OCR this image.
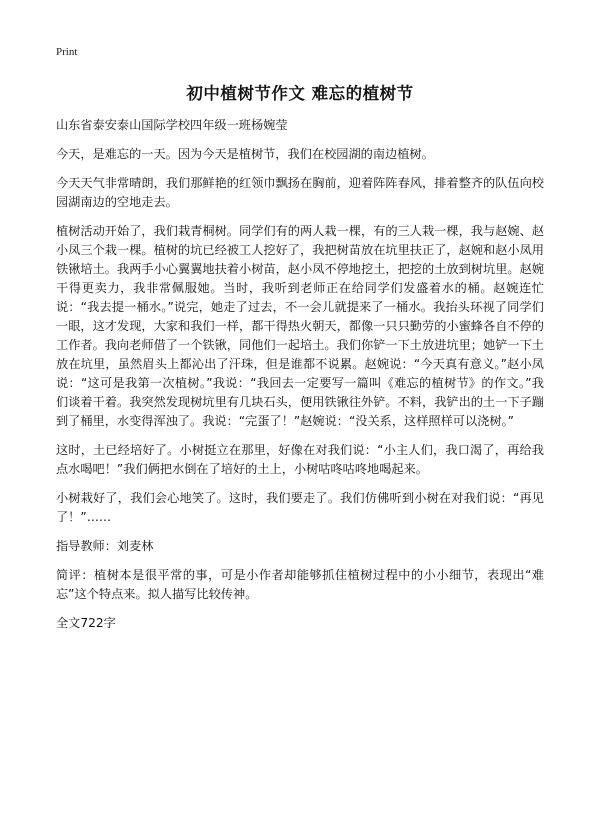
Print
初中植树节作文 难忘的植树节

山东省泰安泰山国际学校四年级一班杨婉莹

今天，是难忘的一天。因为今天是植树节，我们在校园湖的南边植树。

今天天气非常晴朗，我们那鲜艳的红领巾飘扬在胸前，迎着阵阵春风，排着整齐的队伍向校园湖南边的空地走去。

植树活动开始了，我们栽青桐树。同学们有的两人栽一棵，有的三人栽一棵，我与赵婉、赵小凤三个栽一棵。植树的坑已经被工人挖好了，我把树苗放在坑里扶正了，赵婉和赵小凤用铁锹培土。我两手小心翼翼地扶着小树苗，赵小凤不停地挖土，把挖的土放到树坑里。赵婉干得更卖力，我非常佩服她。当时，我听到老师正在给同学们发盛着水的桶。赵婉连忙说：“我去提一桶水。”说完，她走了过去，不一会儿就提来了一桶水。我抬头环视了同学们一眼，这才发现，大家和我们一样，都干得热火朝天，都像一只只勤劳的小蜜蜂各自不停的工作者。我向老师借了一个铁锹，同他们一起培土。我们你铲一下土放进坑里；她铲一下土放在坑里，虽然眉头上都沁出了汗珠，但是谁都不说累。赵婉说：“今天真有意义。”赵小凤说：“这可是我第一次植树。”我说：“我回去一定要写一篇叫《难忘的植树节》的作文。”我们谈着干着。我突然发现树坑里有几块石头，便用铁锹往外铲。不料，我铲出的土一下子蹦到了桶里，水变得浑浊了。我说：“完蛋了！”赵婉说：“没关系，这样照样可以浇树。”

这时，土已经培好了。小树挺立在那里，好像在对我们说：“小主人们，我口渴了，再给我点水喝吧！”我们俩把水倒在了培好的土上，小树咕咚咕咚地喝起来。

小树栽好了，我们会心地笑了。这时，我们要走了。我们仿佛听到小树在对我们说：“再见了！”……

指导教师：刘麦林

简评：植树本是很平常的事，可是小作者却能够抓住植树过程中的小小细节，表现出“难忘”这个特点来。拟人描写比较传神。

全文722字
